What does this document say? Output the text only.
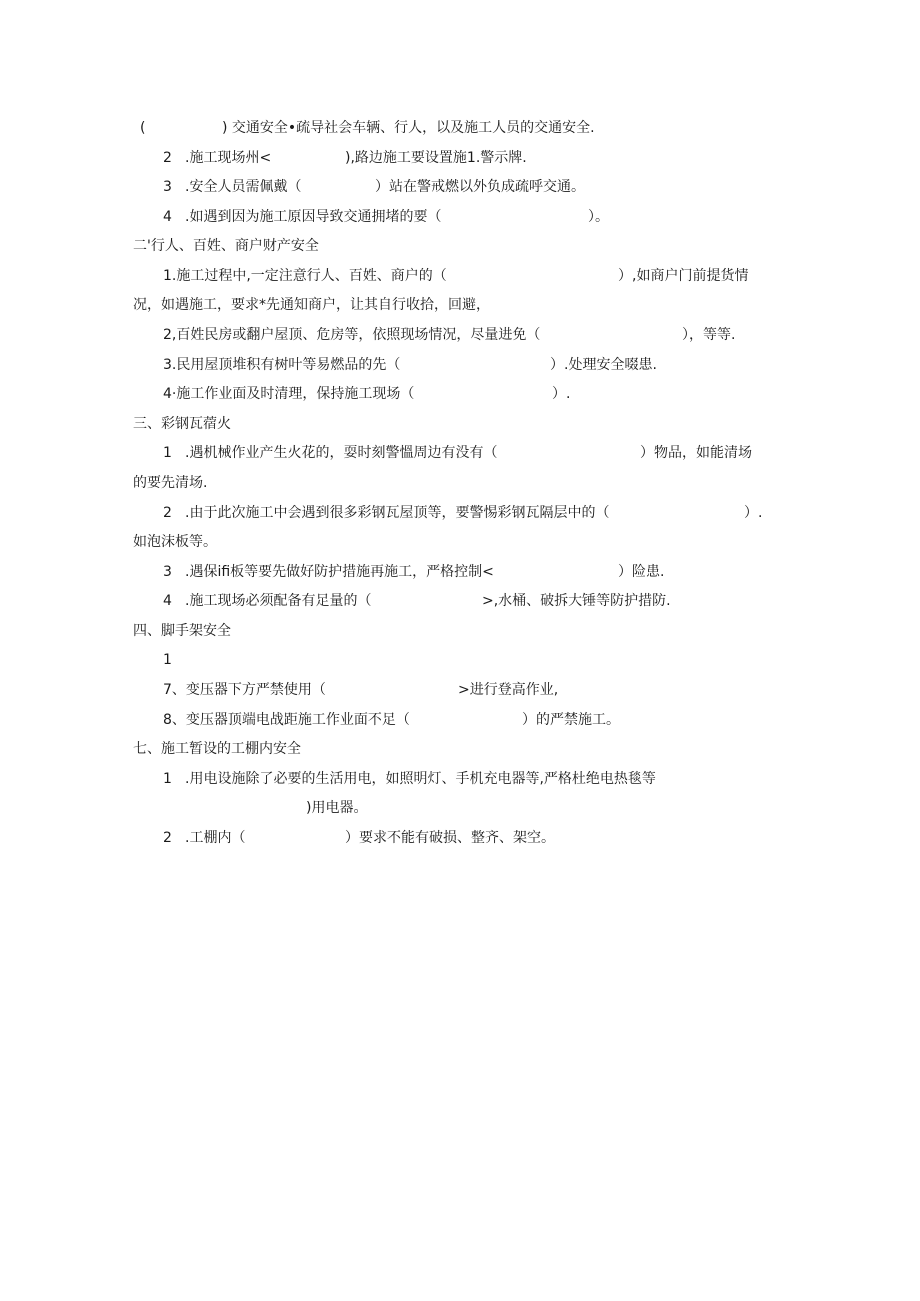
(	) 交通安全•疏导社会车辆、行人，以及施工人员的交通安全.
2 .施工现场州<	),路边施工要设置施1.警示牌.
3 .安全人员需佩戴（	）站在警戒燃以外负成疏呼交通。
4 .如遇到因为施工原因导致交通拥堵的要（	）。
二'行人、百姓、商户财产安全
1.施工过程中,一定注意行人、百姓、商户的（	）,如商户门前提货情
况，如遇施工，要求*先通知商户，让其自行收拾，回避，
2,百姓民房或翻户屋顶、危房等，依照现场情况，尽量进免（	），等等.
3.民用屋顶堆积有树叶等易燃品的先（	）.处理安全啜患.
4·施工作业面及时清理，保持施工现场（	）.
三、彩钢瓦蓿火
1 .遇机械作业产生火花的，耍时刻警慍周边有没有（	）物品，如能清场
的要先清场.
2 .由于此次施工中会遇到很多彩钢瓦屋顶等，要警惕彩钢瓦隔层中的（	）.
如泡沫板等。
3 .遇保ifi板等要先做好防护措施再施工，严格控制<	）险患.
4 .施工现场必须配备有足量的（	>,水桶、破拆大锤等防护措防.
四、脚手架安全
1
7、变压器下方严禁使用（	>进行登高作业,
8、变压器顶端电战距施工作业面不足（	）的严禁施工。
七、施工暂设的工棚内安全
1 .用电设施除了必要的生活用电，如照明灯、手机充电器等,严格杜绝电热毯等
)用电器。
2 .工棚内（	）要求不能有破损、整齐、架空。
